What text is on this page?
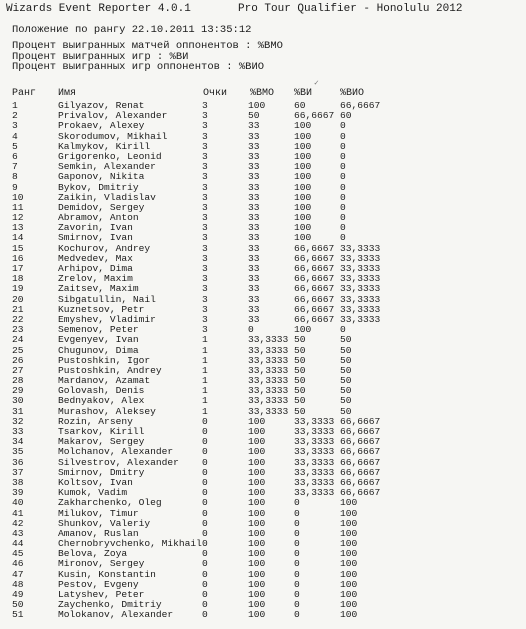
Wizards Event Reporter 4.0.1	Pro Tour Qualifier - Honolulu 2012
Положение по рангу 22.10.2011 13:35:12
Процент выигранных матчей оппонентов : %ВМО
Процент выигранных игр : %ВИ
Процент выигранных игр оппонентов : %ВИО
✓
Ранг Имя	Очки %ВМО %ВИ	%ВИО
1	Gilyazov, Renat	3	100	60	66,6667
2	Privalov, Alexander	3	50	66,6667 60
3	Prokaev, Alexey	3	33	100	0
4	Skorodumov, Mikhail	3	33	100	0
5	Kalmykov, Kirill	3	33	100	0
6	Grigorenko, Leonid	3	33	100	0
7	Semkin, Alexander	3	33	100	0
8	Gaponov, Nikita	3	33	100	0
9	Bykov, Dmitriy	3	33	100	0
10	Zaikin, Vladislav	3	33	100	0
11	Demidov, Sergey	3	33	100	0
12	Abramov, Anton	3	33	100	0
13	Zavorin, Ivan	3	33	100	0
14	Smirnov, Ivan	3	33	100	0
15	Kochurov, Andrey	3	33	66,6667 33,3333
16	Medvedev, Max	3	33	66,6667 33,3333
17	Arhipov, Dima	3	33	66,6667 33,3333
18	Zrelov, Maxim	3	33	66,6667 33,3333
19	Zaitsev, Maxim	3	33	66,6667 33,3333
20	Sibgatullin, Nail	3	33	66,6667 33,3333
21	Kuznetsov, Petr	3	33	66,6667 33,3333
22	Emyshev, Vladimir	3	33	66,6667 33,3333
23	Semenov, Peter	3	0	100	0
24	Evgenyev, Ivan	1	33,3333 50	50
25	Chugunov, Dima	1	33,3333 50	50
26	Pustoshkin, Igor	1	33,3333 50	50
27	Pustoshkin, Andrey	1	33,3333 50	50
28	Mardanov, Azamat	1	33,3333 50	50
29	Golovash, Denis	1	33,3333 50	50
30	Bednyakov, Alex	1	33,3333 50	50
31	Murashov, Aleksey	1	33,3333 50	50
32	Rozin, Arseny	0	100	33,3333 66,6667
33	Tsarkov, Kirill	0	100	33,3333 66,6667
34	Makarov, Sergey	0	100	33,3333 66,6667
35	Molchanov, Alexander	0	100	33,3333 66,6667
36	Silvestrov, Alexander	0	100	33,3333 66,6667
37	Smirnov, Dmitry	0	100	33,3333 66,6667
38	Koltsov, Ivan	0	100	33,3333 66,6667
39	Kumok, Vadim	0	100	33,3333 66,6667
40	Zakharchenko, Oleg	0	100	0	100
41	Milukov, Timur	0	100	0	100
42	Shunkov, Valeriy	0	100	0	100
43	Amanov, Ruslan	0	100	0	100
44	Chernobryvchenko, Mikhail 0	100	0	100
45	Belova, Zoya	0	100	0	100
46	Mironov, Sergey	0	100	0	100
47	Kusin, Konstantin	0	100	0	100
48	Pestov, Evgeny	0	100	0	100
49	Latyshev, Peter	0	100	0	100
50	Zaychenko, Dmitriy	0	100	0	100
51	Molokanov, Alexander	0	100	0	100
